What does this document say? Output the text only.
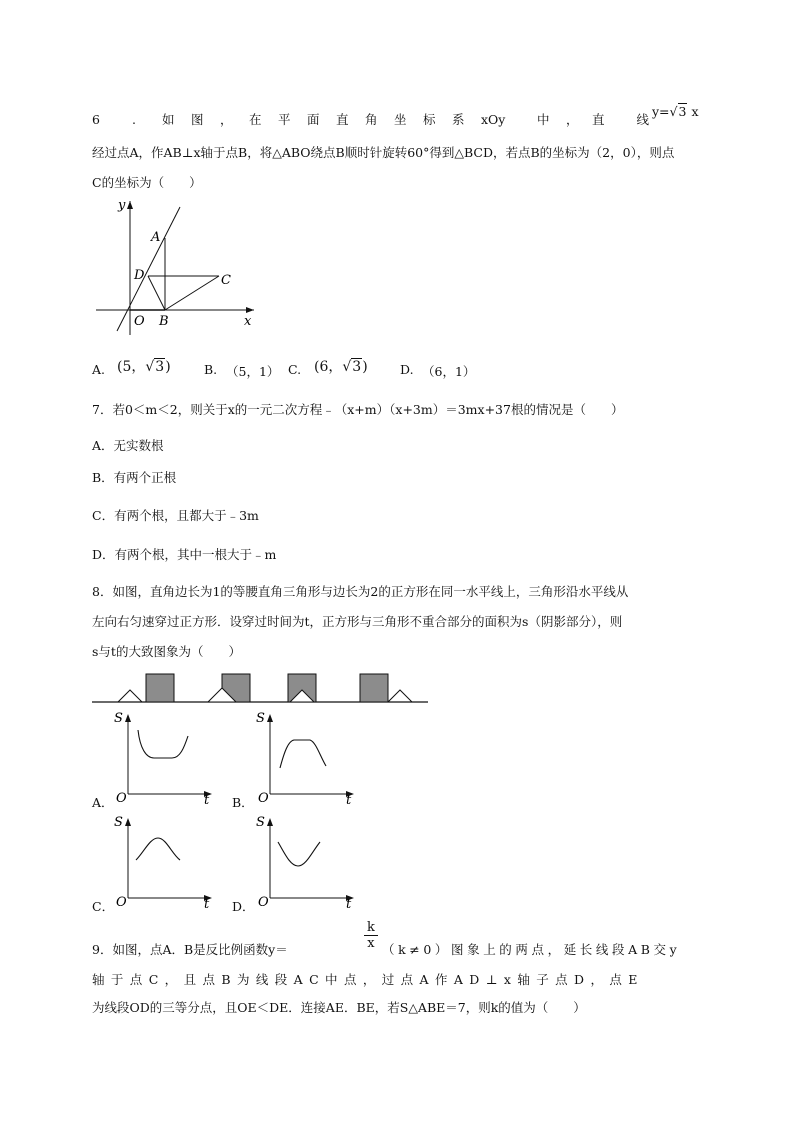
6	. 如 图 ， 在 平 面 直 角 坐 标 系 xOy	中 ， 直 线
y=√3 x
经过点A，作AB⊥x轴于点B，将△ABO绕点B顺时针旋转60°得到△BCD，若点B的坐标为（2，0），则点
C的坐标为（　　）
y
x
A
D	C
O B
A. (5，√3)	B. （5，1） C. (6，√3)	D. （6，1）
7．若0＜m＜2，则关于x的一元二次方程﹣（x+m）（x+3m）＝3mx+37根的情况是（　　）
A．无实数根
B．有两个正根
C．有两个根，且都大于﹣3m
D．有两个根，其中一根大于﹣m
8．如图，直角边长为1的等腰直角三角形与边长为2的正方形在同一水平线上，三角形沿水平线从
左向右匀速穿过正方形．设穿过时间为t，正方形与三角形不重合部分的面积为s（阴影部分），则
s与t的大致图象为（　　）
S
O	t
A．
S
O	t
B．
S
O	t
C．
S
O	t
D．
9．如图，点A．B是反比例函数y＝	$\frac{k}{x} (k\ne 0)$图象上的两点，延长线段AB交y
轴于点C，且点B为线段AC中点，过点A作AD⊥x轴子点D，点E
为线段OD的三等分点，且OE＜DE．连接AE．BE，若S△ABE＝7，则k的值为（　　）
